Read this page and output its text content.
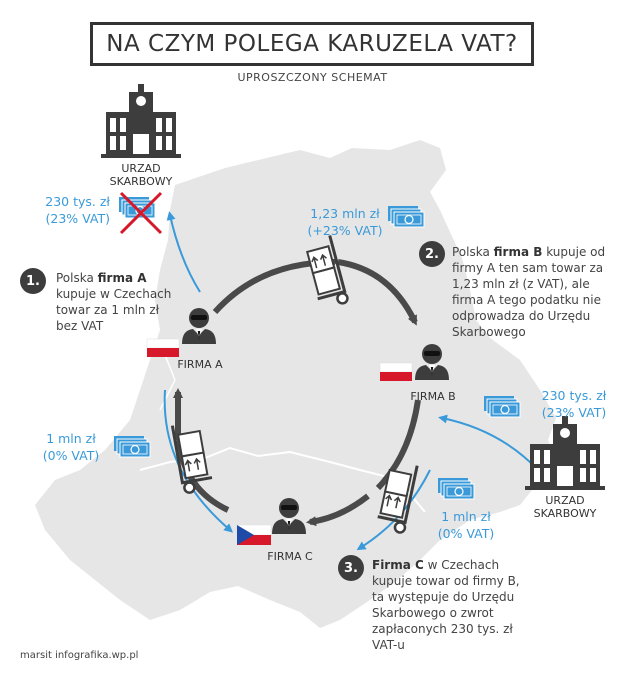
NA CZYM POLEGA KARUZELA VAT?
UPROSZCZONY SCHEMAT
URZAD
SKARBOWY
URZAD
SKARBOWY
230 tys. zł
(23% VAT)	1,23 mln zł
(+23% VAT)
230 tys. zł
(23% VAT)
1 mln zł
(0% VAT)
1 mln zł
(0% VAT)
FIRMA A
FIRMA B
FIRMA C
1.	Polska firma A
kupuje w Czechach
towar za 1 mln zł
bez VAT
2.	Polska firma B kupuje od
firmy A ten sam towar za
1,23 mln zł (z VAT), ale
firma A tego podatku nie
odprowadza do Urzędu
Skarbowego
3.	Firma C w Czechach
kupuje towar od firmy B,
ta występuje do Urzędu
Skarbowego o zwrot
zapłaconych 230 tys. zł
VAT-u
marsit infografika.wp.pl
